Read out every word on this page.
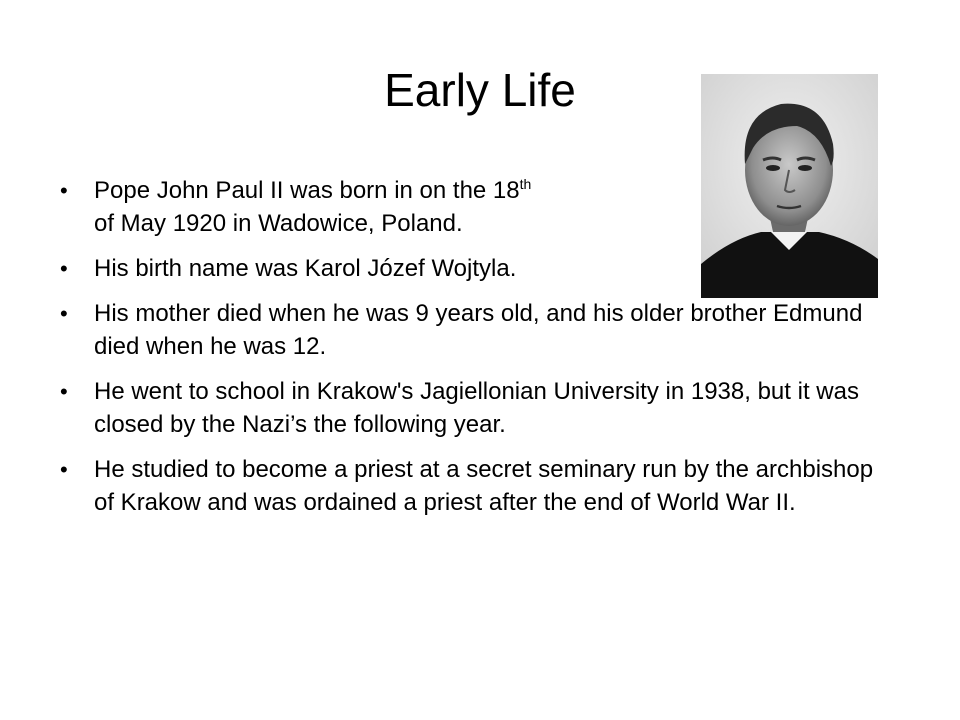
Early Life
• Pope John Paul II was born in on the 18th
of May 1920 in Wadowice, Poland.
• His birth name was Karol Józef Wojtyla.
• His mother died when he was 9 years old, and his older brother Edmund died when he was 12.
• He went to school in Krakow's Jagiellonian University in 1938, but it was closed by the Nazi’s the following year.
• He studied to become a priest at a secret seminary run by the archbishop of Krakow and was ordained a priest after the end of World War II.
